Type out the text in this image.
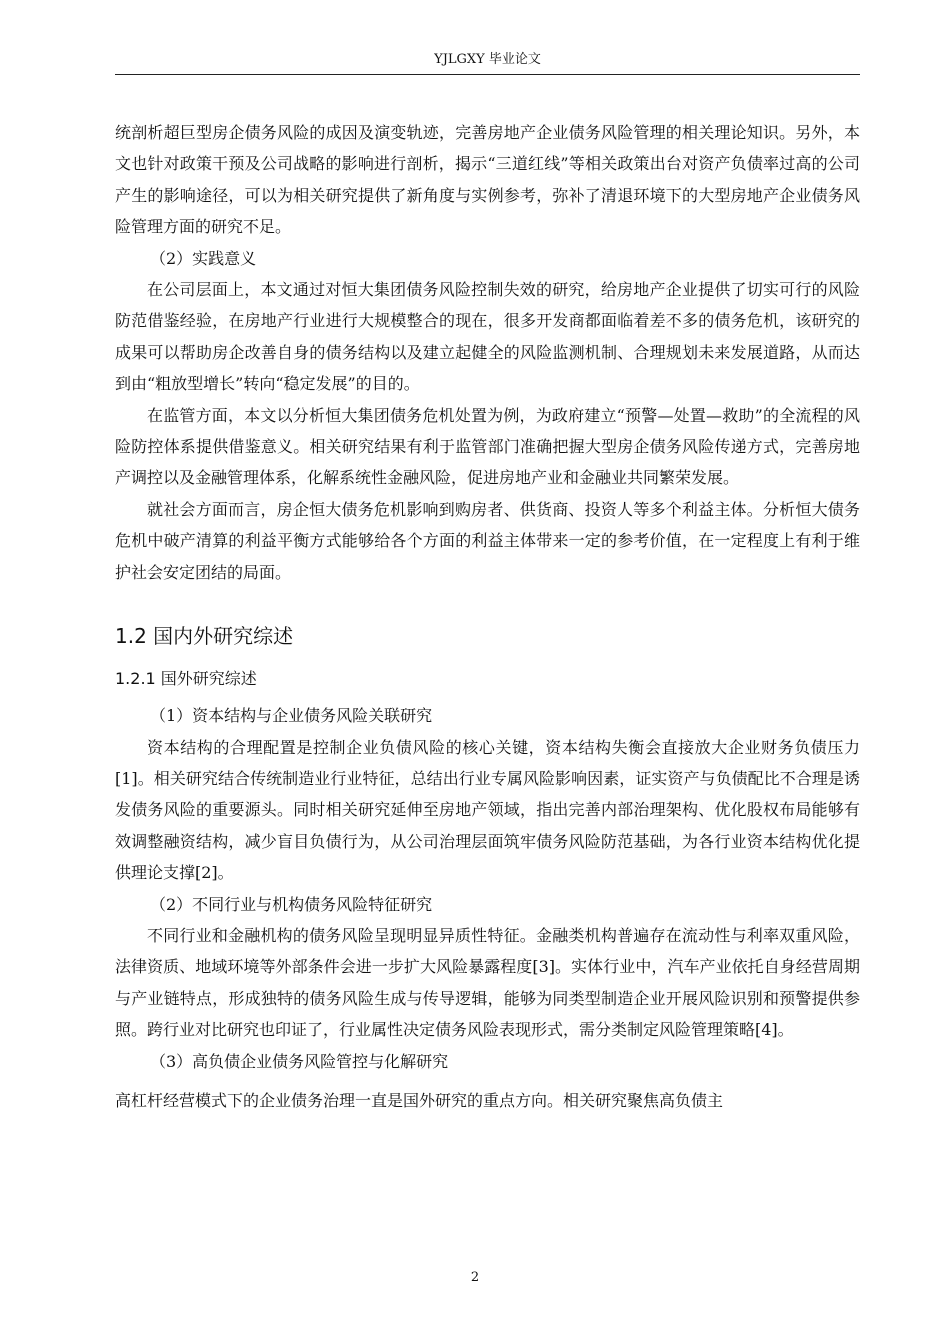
YJLGXY 毕业论文

统剖析超巨型房企债务风险的成因及演变轨迹，完善房地产企业债务风险管理的相关理论知识。另外，本文也针对政策干预及公司战略的影响进行剖析，揭示“三道红线”等相关政策出台对资产负债率过高的公司产生的影响途径，可以为相关研究提供了新角度与实例参考，弥补了清退环境下的大型房地产企业债务风险管理方面的研究不足。

（2）实践意义

在公司层面上，本文通过对恒大集团债务风险控制失效的研究，给房地产企业提供了切实可行的风险防范借鉴经验，在房地产行业进行大规模整合的现在，很多开发商都面临着差不多的债务危机，该研究的成果可以帮助房企改善自身的债务结构以及建立起健全的风险监测机制、合理规划未来发展道路，从而达到由“粗放型增长”转向“稳定发展”的目的。

在监管方面，本文以分析恒大集团债务危机处置为例，为政府建立“预警—处置—救助”的全流程的风险防控体系提供借鉴意义。相关研究结果有利于监管部门准确把握大型房企债务风险传递方式，完善房地产调控以及金融管理体系，化解系统性金融风险，促进房地产业和金融业共同繁荣发展。

就社会方面而言，房企恒大债务危机影响到购房者、供货商、投资人等多个利益主体。分析恒大债务危机中破产清算的利益平衡方式能够给各个方面的利益主体带来一定的参考价值，在一定程度上有利于维护社会安定团结的局面。

1.2 国内外研究综述
1.2.1 国外研究综述

（1）资本结构与企业债务风险关联研究

资本结构的合理配置是控制企业负债风险的核心关键，资本结构失衡会直接放大企业财务负债压力[1]。相关研究结合传统制造业行业特征，总结出行业专属风险影响因素，证实资产与负债配比不合理是诱发债务风险的重要源头。同时相关研究延伸至房地产领域，指出完善内部治理架构、优化股权布局能够有效调整融资结构，减少盲目负债行为，从公司治理层面筑牢债务风险防范基础，为各行业资本结构优化提供理论支撑[2]。

（2）不同行业与机构债务风险特征研究

不同行业和金融机构的债务风险呈现明显异质性特征。金融类机构普遍存在流动性与利率双重风险，法律资质、地域环境等外部条件会进一步扩大风险暴露程度[3]。实体行业中，汽车产业依托自身经营周期与产业链特点，形成独特的债务风险生成与传导逻辑，能够为同类型制造企业开展风险识别和预警提供参照。跨行业对比研究也印证了，行业属性决定债务风险表现形式，需分类制定风险管理策略[4]。

（3）高负债企业债务风险管控与化解研究

高杠杆经营模式下的企业债务治理一直是国外研究的重点方向。相关研究聚焦高负债主

2
